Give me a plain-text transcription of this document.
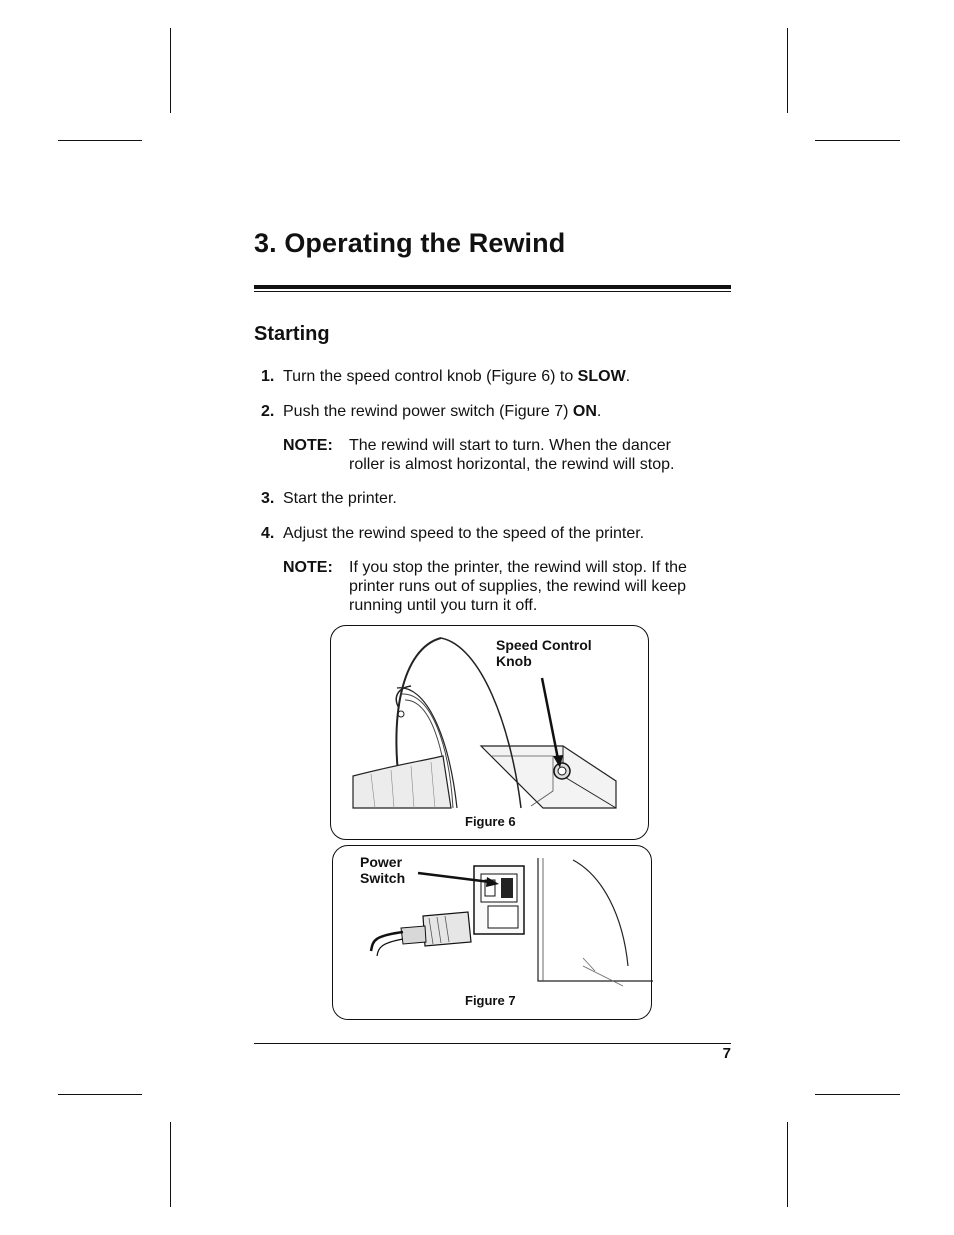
3. Operating the Rewind
Starting
1. Turn the speed control knob (Figure 6) to SLOW.
2. Push the rewind power switch (Figure 7) ON.
NOTE: The rewind will start to turn. When the dancer
roller is almost horizontal, the rewind will stop.
3. Start the printer.
4. Adjust the rewind speed to the speed of the printer.
NOTE: If you stop the printer, the rewind will stop. If the
printer runs out of supplies, the rewind will keep
running until you turn it off.
Speed Control
Knob
Figure 6
Power
Switch
Figure 7
7
